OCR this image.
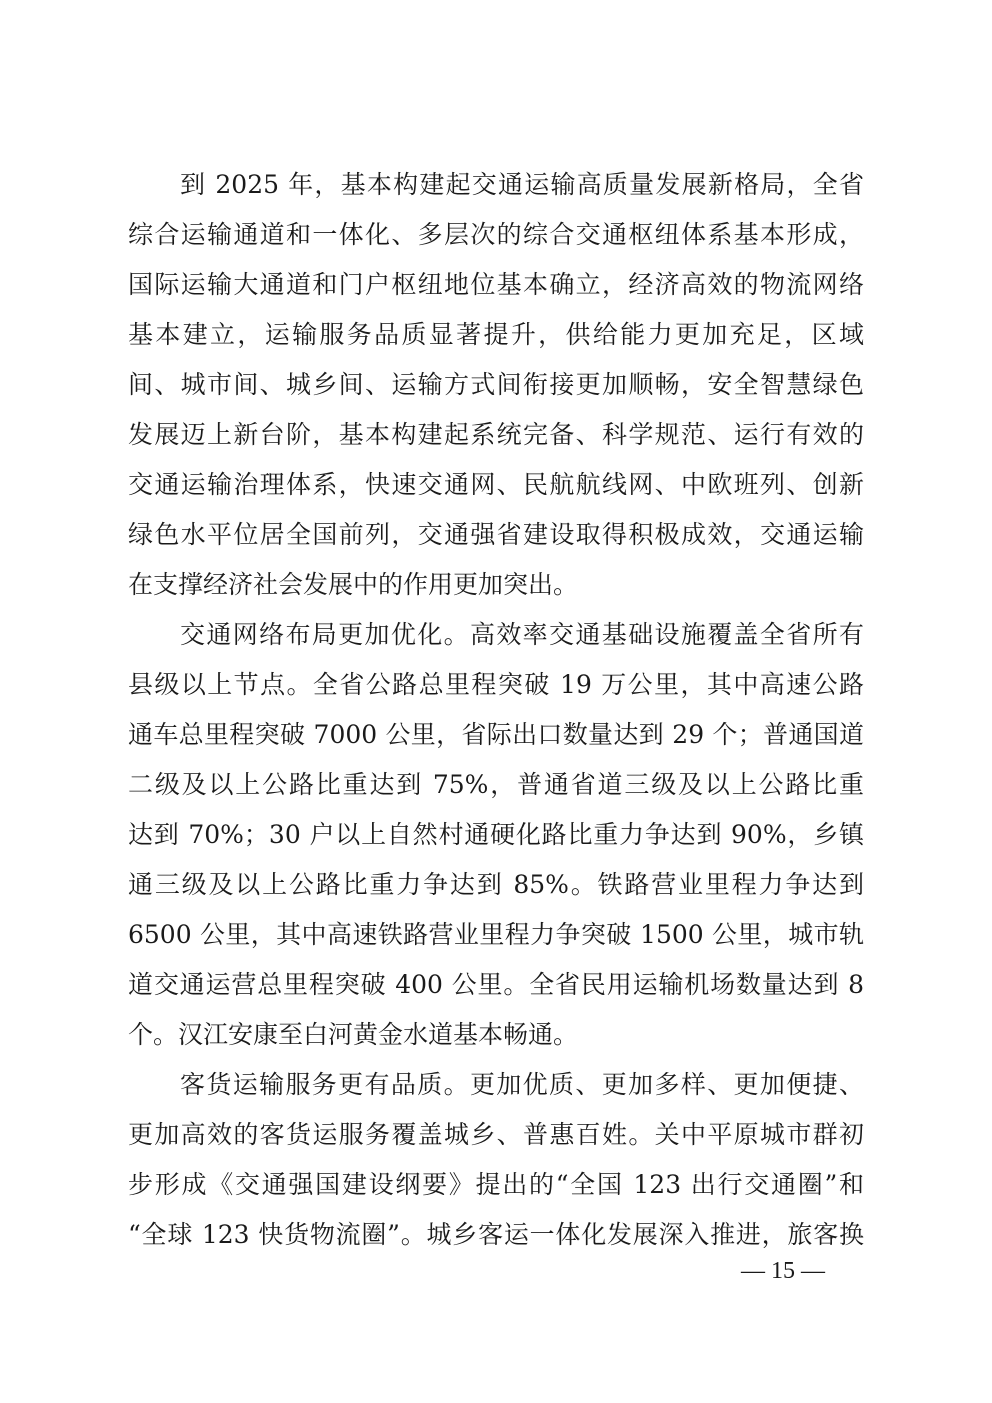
到 2025 年，基本构建起交通运输高质量发展新格局，全省
综合运输通道和一体化、多层次的综合交通枢纽体系基本形成，
国际运输大通道和门户枢纽地位基本确立，经济高效的物流网络
基本建立，运输服务品质显著提升，供给能力更加充足，区域
间、城市间、城乡间、运输方式间衔接更加顺畅，安全智慧绿色
发展迈上新台阶，基本构建起系统完备、科学规范、运行有效的
交通运输治理体系，快速交通网、民航航线网、中欧班列、创新
绿色水平位居全国前列，交通强省建设取得积极成效，交通运输
在支撑经济社会发展中的作用更加突出。
交通网络布局更加优化。高效率交通基础设施覆盖全省所有
县级以上节点。全省公路总里程突破 19 万公里，其中高速公路
通车总里程突破 7000 公里，省际出口数量达到 29 个；普通国道
二级及以上公路比重达到 75%，普通省道三级及以上公路比重
达到 70%；30 户以上自然村通硬化路比重力争达到 90%，乡镇
通三级及以上公路比重力争达到 85%。铁路营业里程力争达到
6500 公里，其中高速铁路营业里程力争突破 1500 公里，城市轨
道交通运营总里程突破 400 公里。全省民用运输机场数量达到 8
个。汉江安康至白河黄金水道基本畅通。
客货运输服务更有品质。更加优质、更加多样、更加便捷、
更加高效的客货运服务覆盖城乡、普惠百姓。关中平原城市群初
步形成《交通强国建设纲要》提出的“全国 123 出行交通圈”和
“全球 123 快货物流圈”。城乡客运一体化发展深入推进，旅客换
— 15 —
